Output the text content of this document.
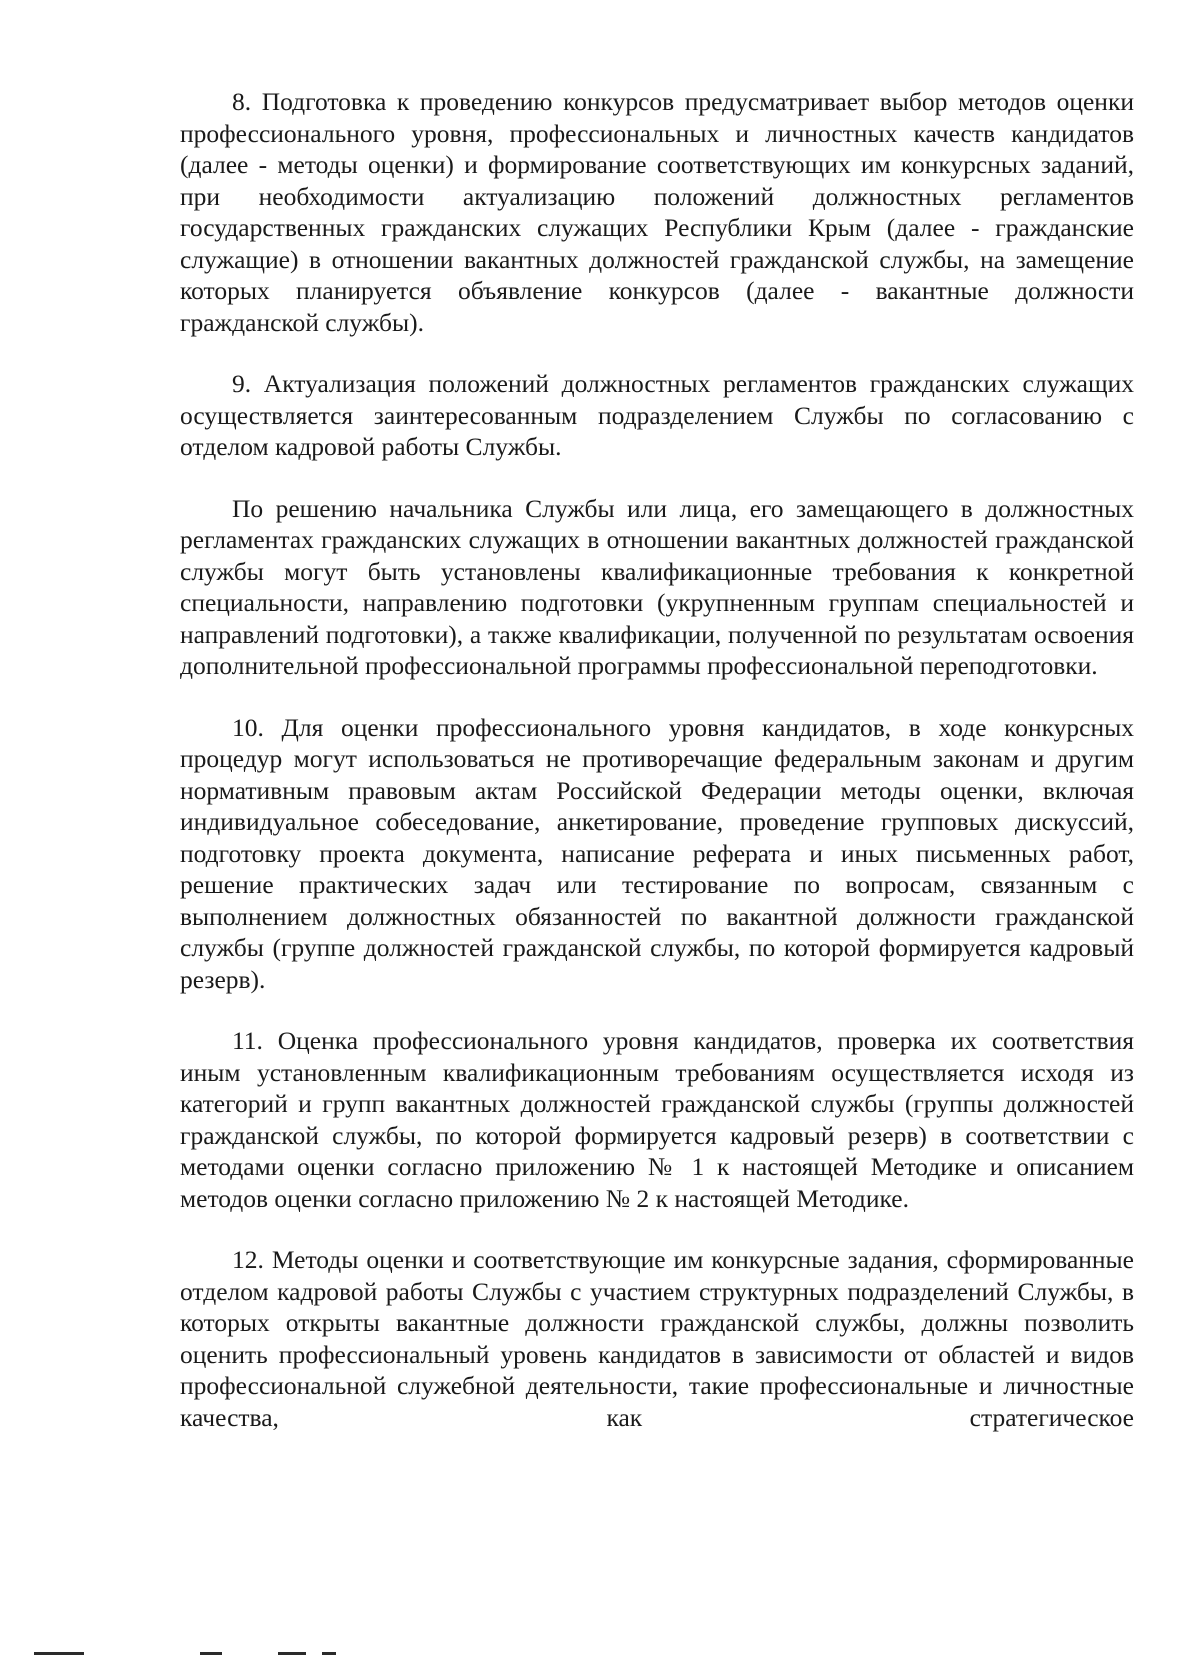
8. Подготовка к проведению конкурсов предусматривает выбор методов оценки профессионального уровня, профессиональных и личностных качеств кандидатов (далее - методы оценки) и формирование соответствующих им конкурсных заданий, при необходимости актуализацию положений должностных регламентов государственных гражданских служащих Республики Крым (далее - гражданские служащие) в отношении вакантных должностей гражданской службы, на замещение которых планируется объявление конкурсов (далее - вакантные должности гражданской службы).

9. Актуализация положений должностных регламентов гражданских служащих осуществляется заинтересованным подразделением Службы по согласованию с отделом кадровой работы Службы.

По решению начальника Службы или лица, его замещающего в должностных регламентах гражданских служащих в отношении вакантных должностей гражданской службы могут быть установлены квалификационные требования к конкретной специальности, направлению подготовки (укрупненным группам специальностей и направлений подготовки), а также квалификации, полученной по результатам освоения дополнительной профессиональной программы профессиональной переподготовки.

10. Для оценки профессионального уровня кандидатов, в ходе конкурсных процедур могут использоваться не противоречащие федеральным законам и другим нормативным правовым актам Российской Федерации методы оценки, включая индивидуальное собеседование, анкетирование, проведение групповых дискуссий, подготовку проекта документа, написание реферата и иных письменных работ, решение практических задач или тестирование по вопросам, связанным с выполнением должностных обязанностей по вакантной должности гражданской службы (группе должностей гражданской службы, по которой формируется кадровый резерв).

11. Оценка профессионального уровня кандидатов, проверка их соответствия иным установленным квалификационным требованиям осуществляется исходя из категорий и групп вакантных должностей гражданской службы (группы должностей гражданской службы, по которой формируется кадровый резерв) в соответствии с методами оценки согласно приложению № 1 к настоящей Методике и описанием методов оценки согласно приложению № 2 к настоящей Методике.

12. Методы оценки и соответствующие им конкурсные задания, сформированные отделом кадровой работы Службы с участием структурных подразделений Службы, в которых открыты вакантные должности гражданской службы, должны позволить оценить профессиональный уровень кандидатов в зависимости от областей и видов профессиональной служебной деятельности, такие профессиональные и личностные качества, как стратегическое
